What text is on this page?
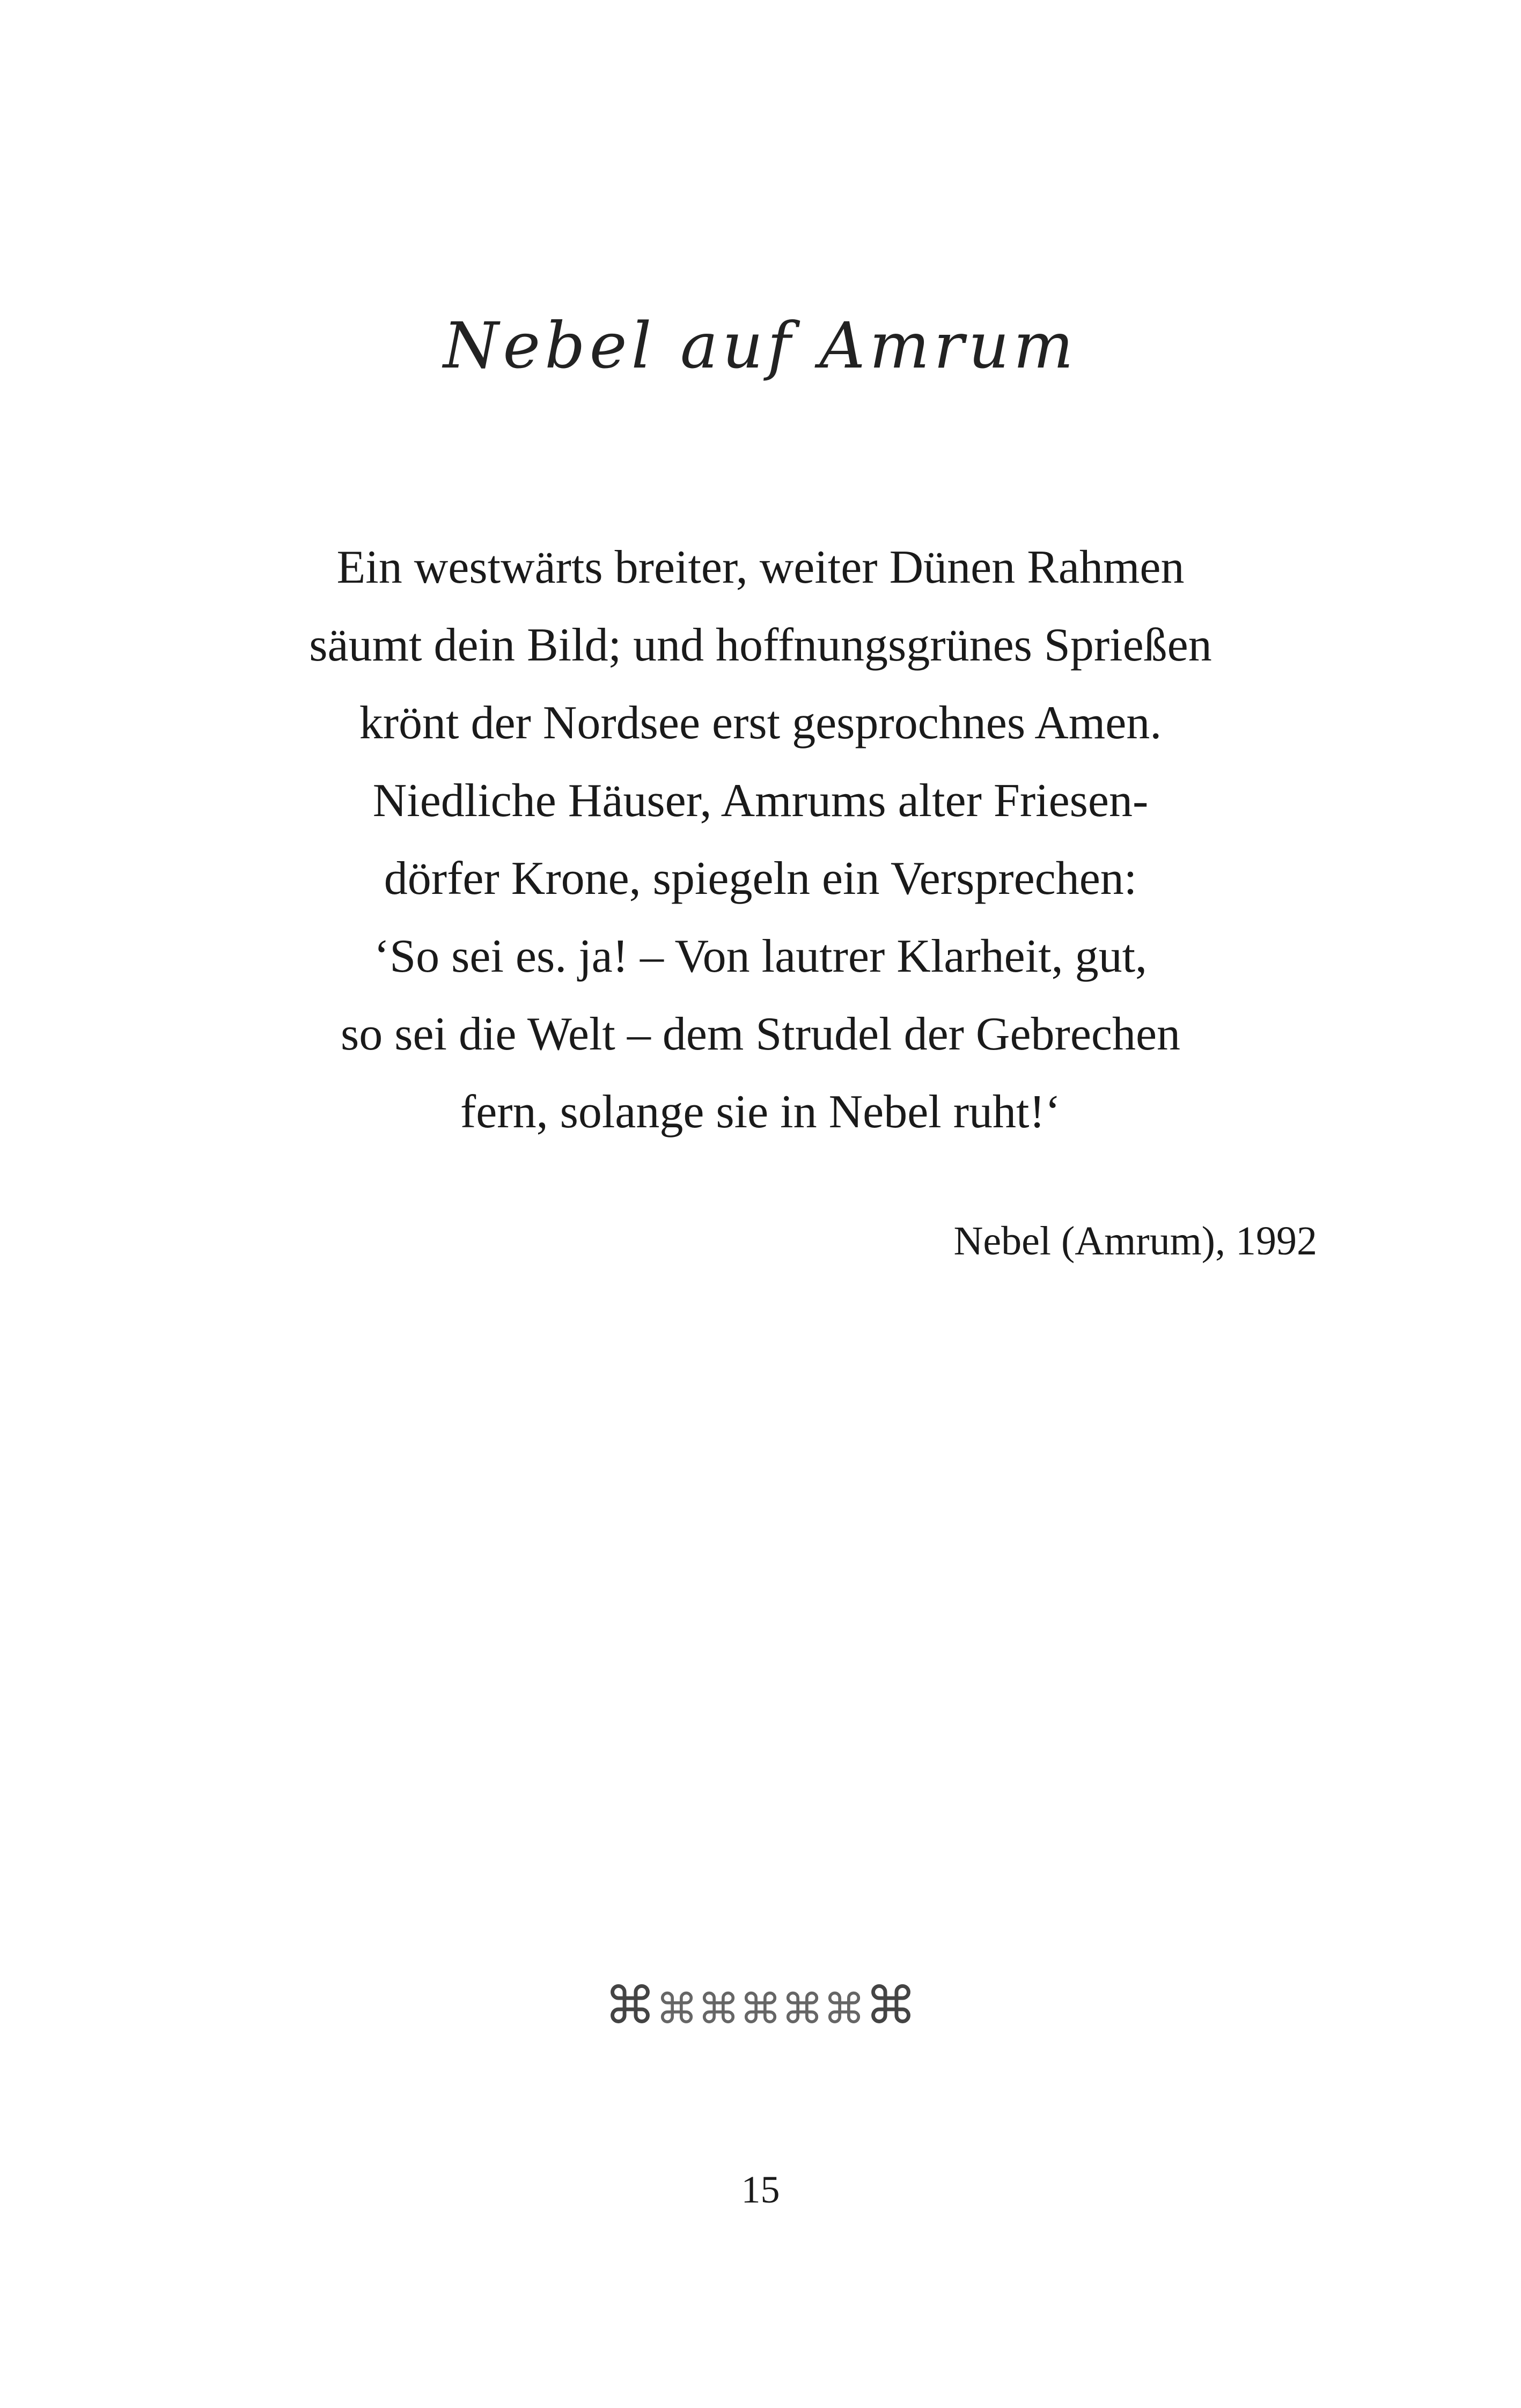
Nebel auf Amrum
Ein westwärts breiter, weiter Dünen Rahmen
säumt dein Bild; und hoffnungsgrünes Sprießen
krönt der Nordsee erst gesprochnes Amen.
Niedliche Häuser, Amrums alter Friesen-
dörfer Krone, spiegeln ein Versprechen:
‘So sei es. ja! – Von lautrer Klarheit, gut,
so sei die Welt – dem Strudel der Gebrechen
fern, solange sie in Nebel ruht!‘
Nebel (Amrum), 1992
⌘⌘⌘⌘⌘⌘⌘
15
